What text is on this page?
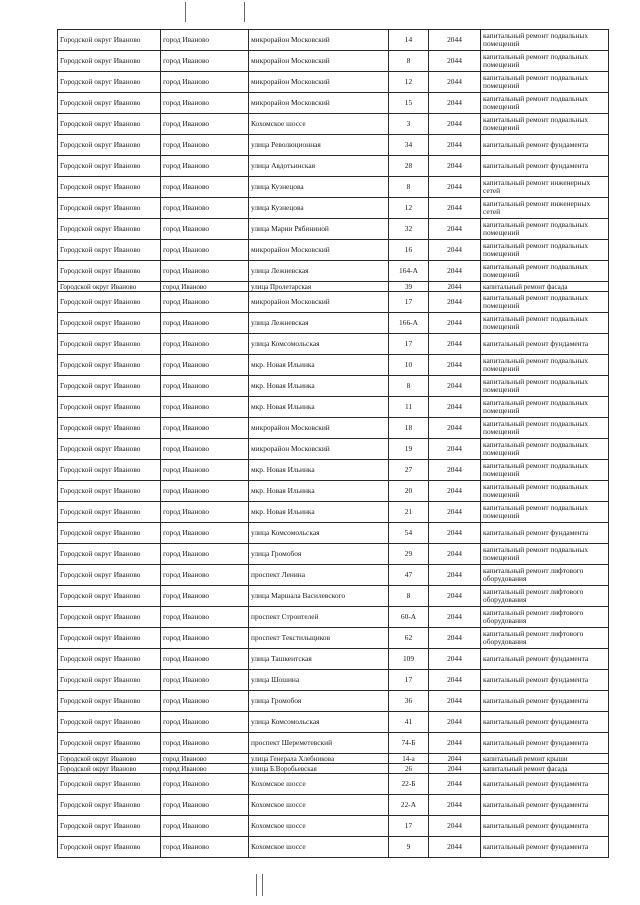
Городской округ Иваново	город Иваново	микрорайон Московский	14	2044	капитальный ремонт подвальных помещений
Городской округ Иваново	город Иваново	микрорайон Московский	8	2044	капитальный ремонт подвальных помещений
Городской округ Иваново	город Иваново	микрорайон Московский	12	2044	капитальный ремонт подвальных помещений
Городской округ Иваново	город Иваново	микрорайон Московский	15	2044	капитальный ремонт подвальных помещений
Городской округ Иваново	город Иваново	Кохомское шоссе	3	2044	капитальный ремонт подвальных помещений
Городской округ Иваново	город Иваново	улица Революционная	34	2044	капитальный ремонт фундамента
Городской округ Иваново	город Иваново	улица Авдотьинская	28	2044	капитальный ремонт фундамента
Городской округ Иваново	город Иваново	улица Кузнецова	8	2044	капитальный ремонт инженерных сетей
Городской округ Иваново	город Иваново	улица Кузнецова	12	2044	капитальный ремонт инженерных сетей
Городской округ Иваново	город Иваново	улица Марии Рябининой	32	2044	капитальный ремонт подвальных помещений
Городской округ Иваново	город Иваново	микрорайон Московский	16	2044	капитальный ремонт подвальных помещений
Городской округ Иваново	город Иваново	улица Лежневская	164-А	2044	капитальный ремонт подвальных помещений
Городской округ Иваново	город Иваново	улица Пролетарская	39	2044	капитальный ремонт фасада
Городской округ Иваново	город Иваново	микрорайон Московский	17	2044	капитальный ремонт подвальных помещений
Городской округ Иваново	город Иваново	улица Лежневская	166-А	2044	капитальный ремонт подвальных помещений
Городской округ Иваново	город Иваново	улица Комсомольская	17	2044	капитальный ремонт фундамента
Городской округ Иваново	город Иваново	мкр. Новая Ильинка	10	2044	капитальный ремонт подвальных помещений
Городской округ Иваново	город Иваново	мкр. Новая Ильинка	8	2044	капитальный ремонт подвальных помещений
Городской округ Иваново	город Иваново	мкр. Новая Ильинка	11	2044	капитальный ремонт подвальных помещений
Городской округ Иваново	город Иваново	микрорайон Московский	18	2044	капитальный ремонт подвальных помещений
Городской округ Иваново	город Иваново	микрорайон Московский	19	2044	капитальный ремонт подвальных помещений
Городской округ Иваново	город Иваново	мкр. Новая Ильинка	27	2044	капитальный ремонт подвальных помещений
Городской округ Иваново	город Иваново	мкр. Новая Ильинка	20	2044	капитальный ремонт подвальных помещений
Городской округ Иваново	город Иваново	мкр. Новая Ильинка	21	2044	капитальный ремонт подвальных помещений
Городской округ Иваново	город Иваново	улица Комсомольская	54	2044	капитальный ремонт фундамента
Городской округ Иваново	город Иваново	улица Громобоя	29	2044	капитальный ремонт подвальных помещений
Городской округ Иваново	город Иваново	проспект Ленина	47	2044	капитальный ремонт лифтового оборудования
Городской округ Иваново	город Иваново	улица Маршала Василевского	8	2044	капитальный ремонт лифтового оборудования
Городской округ Иваново	город Иваново	проспект Строителей	60-А	2044	капитальный ремонт лифтового оборудования
Городской округ Иваново	город Иваново	проспект Текстильщиков	62	2044	капитальный ремонт лифтового оборудования
Городской округ Иваново	город Иваново	улица Ташкентская	109	2044	капитальный ремонт фундамента
Городской округ Иваново	город Иваново	улица Шошина	17	2044	капитальный ремонт фундамента
Городской округ Иваново	город Иваново	улица Громобоя	36	2044	капитальный ремонт фундамента
Городской округ Иваново	город Иваново	улица Комсомольская	41	2044	капитальный ремонт фундамента
Городской округ Иваново	город Иваново	проспект Шереметевский	74-Б	2044	капитальный ремонт фундамента
Городской округ Иваново	город Иваново	улица Генерала Хлебникова	14-а	2044	капитальный ремонт крыши
Городской округ Иваново	город Иваново	улица Б.Воробьевская	26	2044	капитальный ремонт фасада
Городской округ Иваново	город Иваново	Кохомское шоссе	22-Б	2044	капитальный ремонт фундамента
Городской округ Иваново	город Иваново	Кохомское шоссе	22-А	2044	капитальный ремонт фундамента
Городской округ Иваново	город Иваново	Кохомское шоссе	17	2044	капитальный ремонт фундамента
Городской округ Иваново	город Иваново	Кохомское шоссе	9	2044	капитальный ремонт фундамента
